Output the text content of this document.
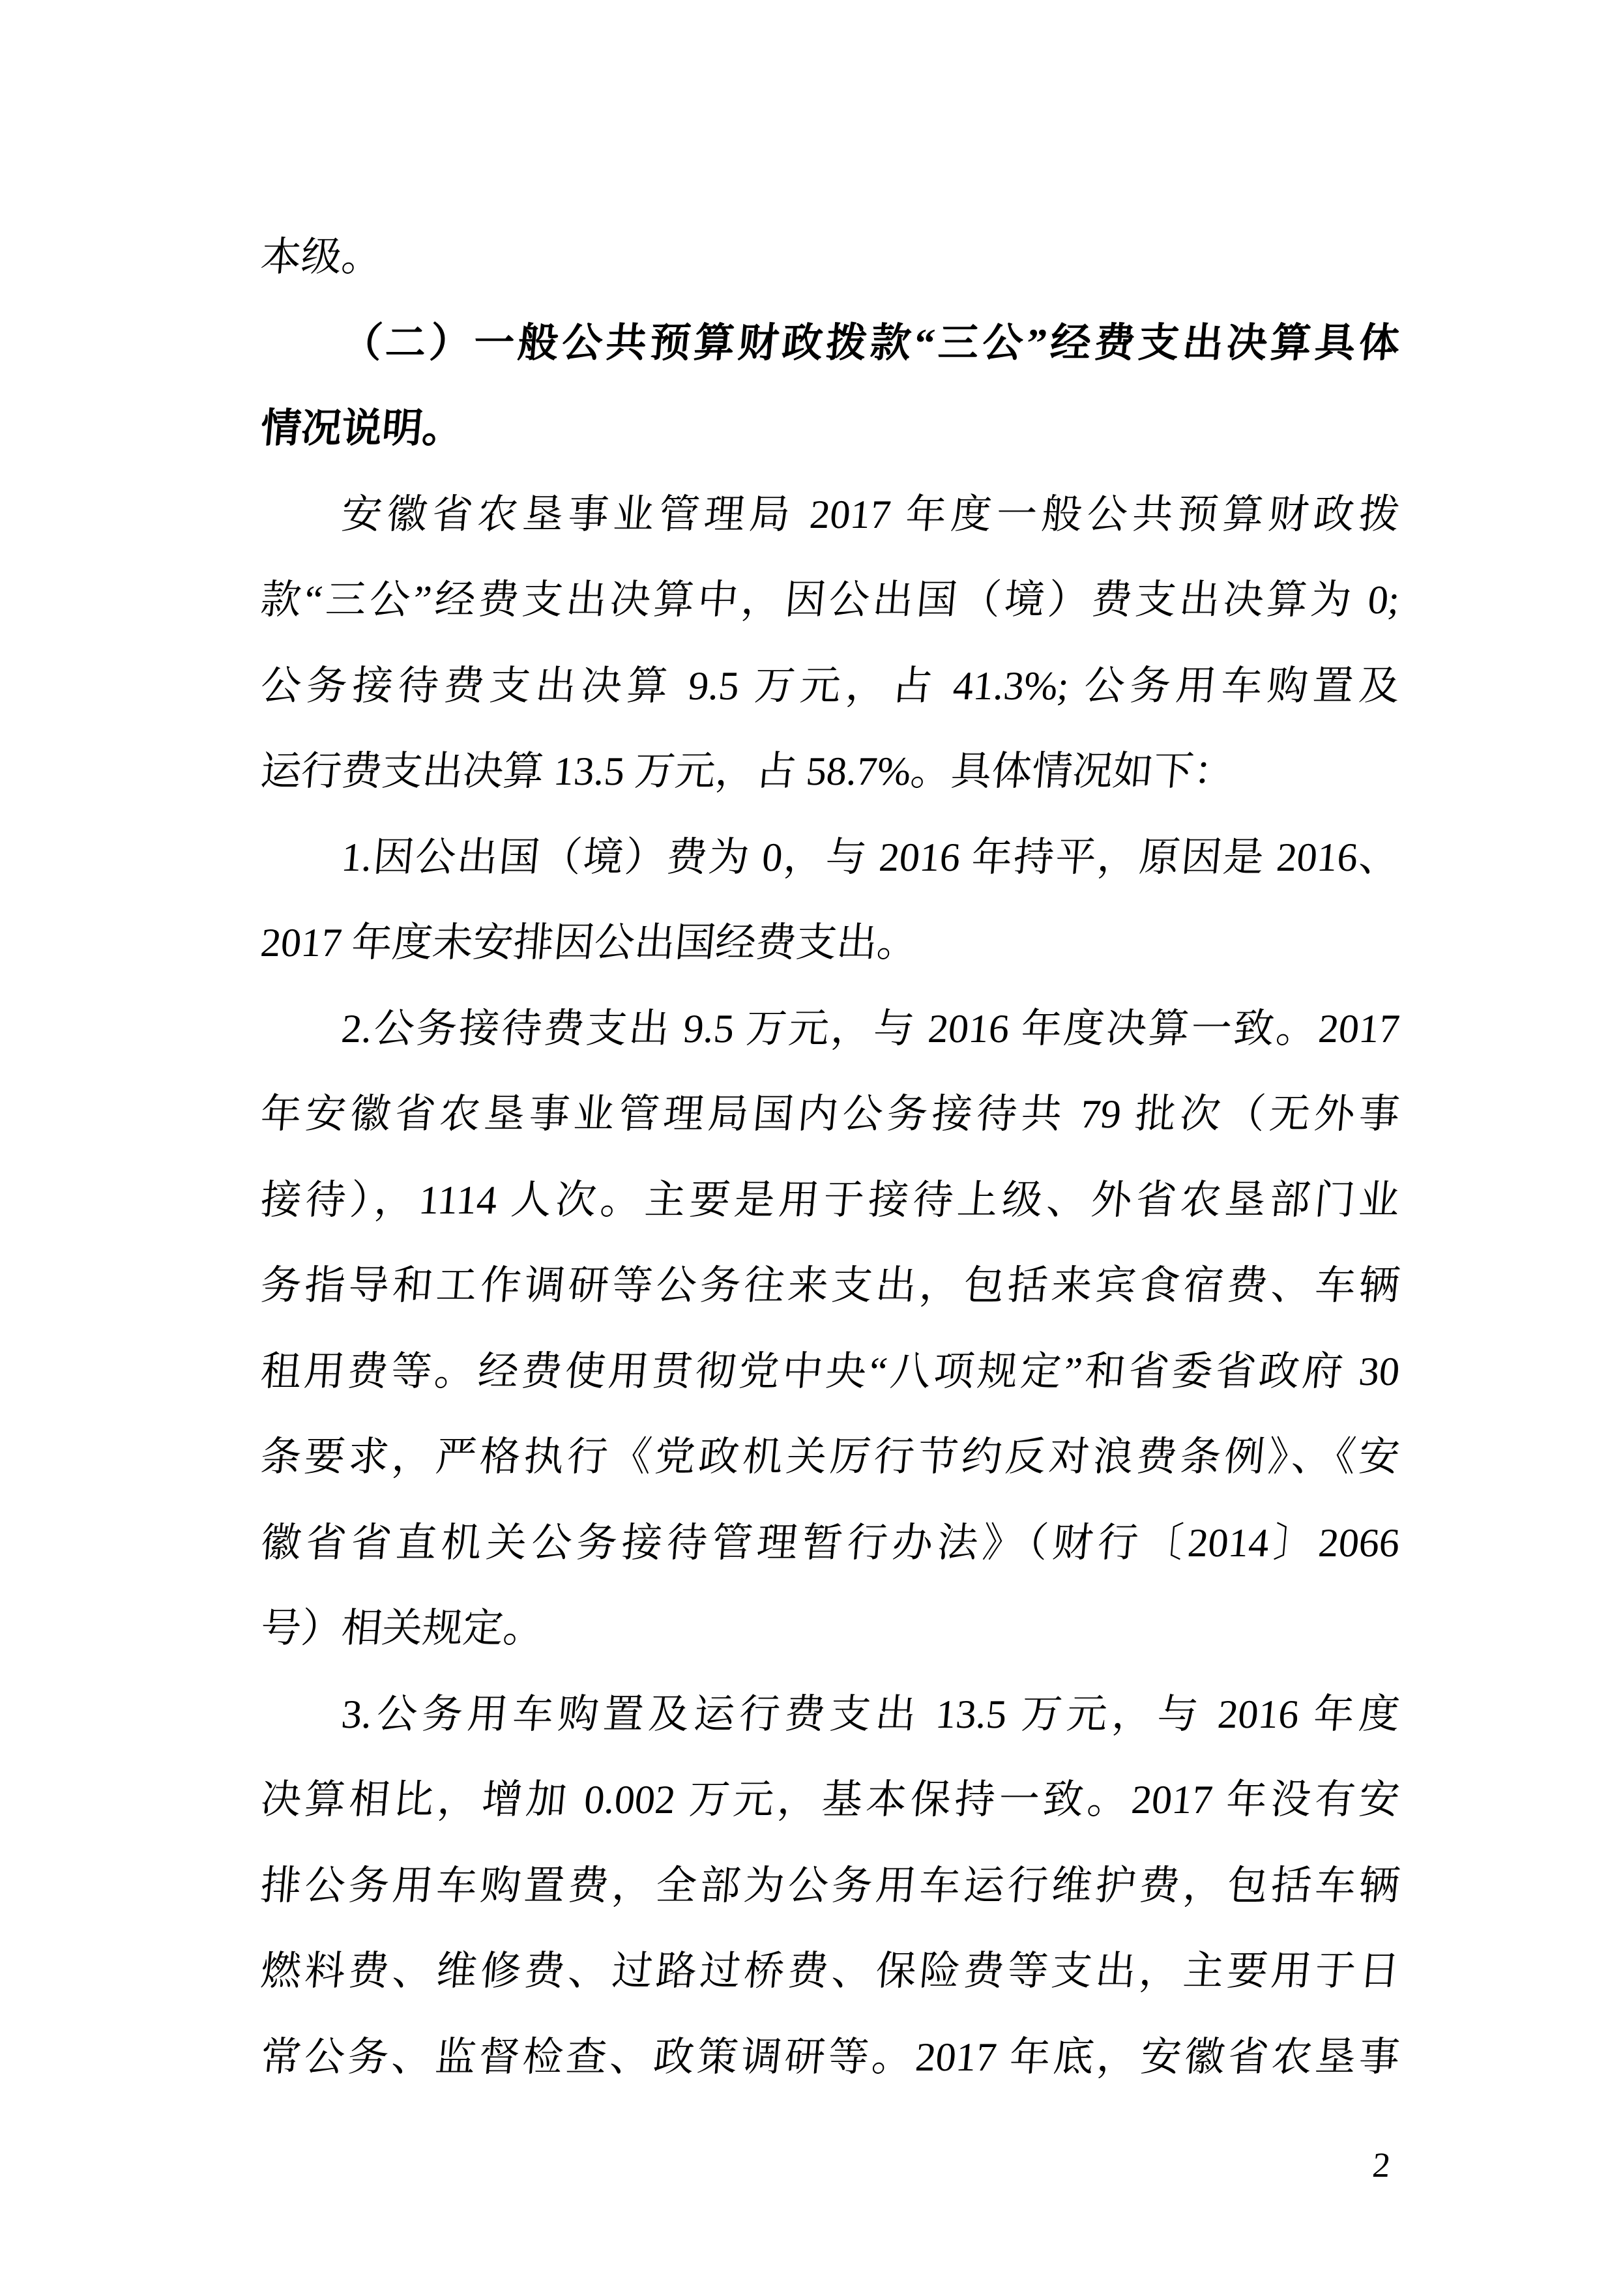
本级。
（二）一般公共预算财政拨款“三公”经费支出决算具体
情况说明。
安徽省农垦事业管理局 2017 年度一般公共预算财政拨
款“三公”经费支出决算中，因公出国（境）费支出决算为 0;
公务接待费支出决算 9.5 万元，占 41.3%; 公务用车购置及
运行费支出决算 13.5 万元，占 58.7%。具体情况如下：
1.因公出国（境）费为 0，与 2016 年持平，原因是 2016、
2017 年度未安排因公出国经费支出。
2.公务接待费支出 9.5 万元，与 2016 年度决算一致。2017
年安徽省农垦事业管理局国内公务接待共 79 批次（无外事
接待），1114 人次。主要是用于接待上级、外省农垦部门业
务指导和工作调研等公务往来支出，包括来宾食宿费、车辆
租用费等。经费使用贯彻党中央“八项规定”和省委省政府 30
条要求，严格执行《党政机关厉行节约反对浪费条例》、《安
徽省省直机关公务接待管理暂行办法》（财行〔2014〕2066
号）相关规定。
3.公务用车购置及运行费支出 13.5 万元，与 2016 年度
决算相比，增加 0.002 万元，基本保持一致。2017 年没有安
排公务用车购置费，全部为公务用车运行维护费，包括车辆
燃料费、维修费、过路过桥费、保险费等支出，主要用于日
常公务、监督检查、政策调研等。2017 年底，安徽省农垦事
2
